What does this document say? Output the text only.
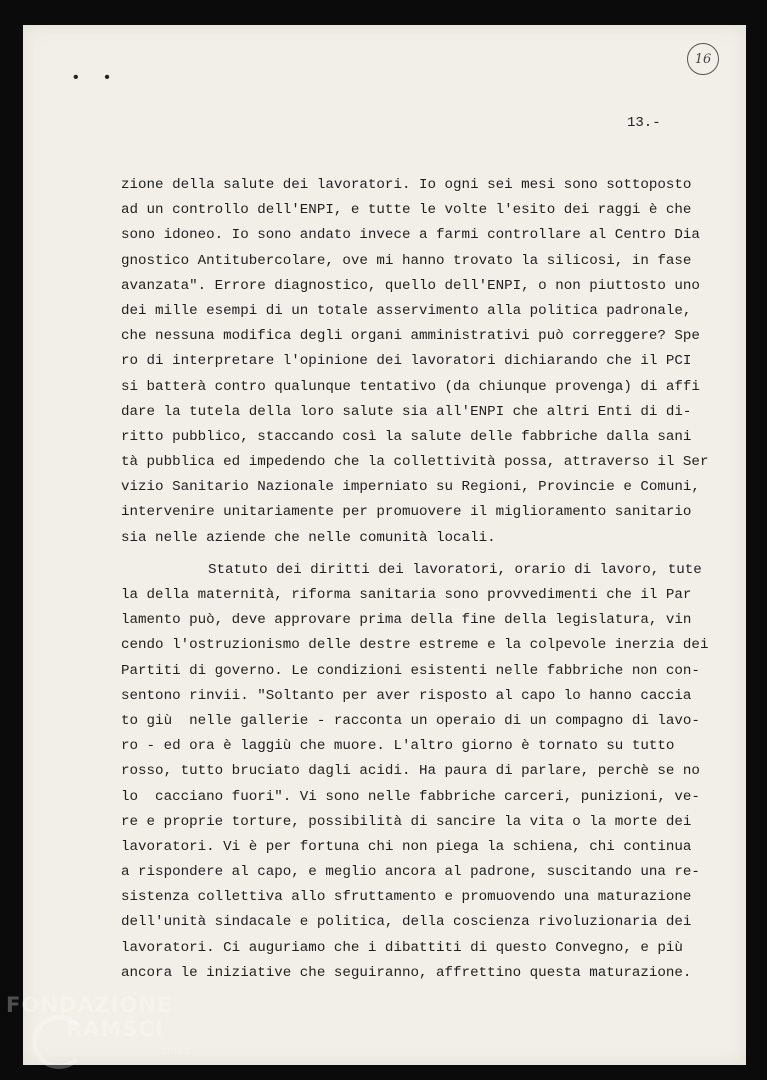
• •
16
13.-
zione della salute dei lavoratori. Io ogni sei mesi sono sottoposto
ad un controllo dell'ENPI, e tutte le volte l'esito dei raggi è che
sono idoneo. Io sono andato invece a farmi controllare al Centro Dia
gnostico Antitubercolare, ove mi hanno trovato la silicosi, in fase
avanzata". Errore diagnostico, quello dell'ENPI, o non piuttosto uno
dei mille esempi di un totale asservimento alla politica padronale,
che nessuna modifica degli organi amministrativi può correggere? Spe
ro di interpretare l'opinione dei lavoratori dichiarando che il PCI
si batterà contro qualunque tentativo (da chiunque provenga) di affi
dare la tutela della loro salute sia all'ENPI che altri Enti di di-
ritto pubblico, staccando così la salute delle fabbriche dalla sani
tà pubblica ed impedendo che la collettività possa, attraverso il Ser
vizio Sanitario Nazionale imperniato su Regioni, Provincie e Comuni,
intervenire unitariamente per promuovere il miglioramento sanitario
sia nelle aziende che nelle comunità locali.
Statuto dei diritti dei lavoratori, orario di lavoro, tute
la della maternità, riforma sanitaria sono provvedimenti che il Par
lamento può, deve approvare prima della fine della legislatura, vin
cendo l'ostruzionismo delle destre estreme e la colpevole inerzia dei
Partiti di governo. Le condizioni esistenti nelle fabbriche non con-
sentono rinvii. "Soltanto per aver risposto al capo lo hanno caccia
to giù  nelle gallerie - racconta un operaio di un compagno di lavo-
ro - ed ora è laggiù che muore. L'altro giorno è tornato su tutto
rosso, tutto bruciato dagli acidi. Ha paura di parlare, perchè se no
lo  cacciano fuori". Vi sono nelle fabbriche carceri, punizioni, ve-
re e proprie torture, possibilità di sancire la vita o la morte dei
lavoratori. Vi è per fortuna chi non piega la schiena, chi continua
a rispondere al capo, e meglio ancora al padrone, suscitando una re-
sistenza collettiva allo sfruttamento e promuovendo una maturazione
dell'unità sindacale e politica, della coscienza rivoluzionaria dei
lavoratori. Ci auguriamo che i dibattiti di questo Convegno, e più
ancora le iniziative che seguiranno, affrettino questa maturazione.
FONDAZIONE
RAMSCI
onlus
